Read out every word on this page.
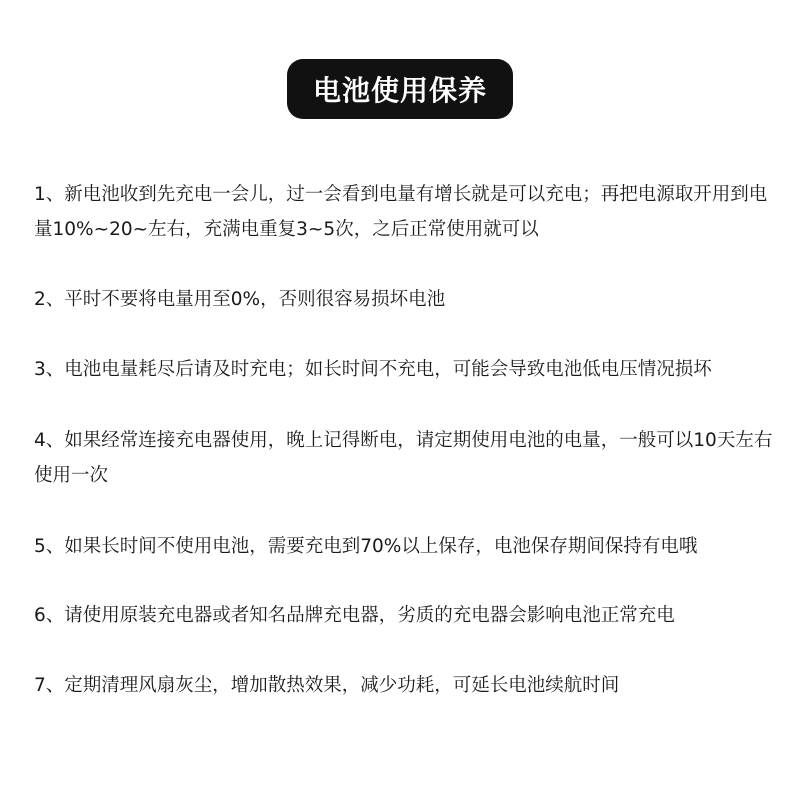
电池使用保养
1、新电池收到先充电一会儿，过一会看到电量有增长就是可以充电；再把电源取开用到电量10%~20~左右，充满电重复3~5次，之后正常使用就可以
2、平时不要将电量用至0%，否则很容易损坏电池
3、电池电量耗尽后请及时充电；如长时间不充电，可能会导致电池低电压情况损坏
4、如果经常连接充电器使用，晚上记得断电，请定期使用电池的电量，一般可以10天左右使用一次
5、如果长时间不使用电池，需要充电到70%以上保存，电池保存期间保持有电哦
6、请使用原装充电器或者知名品牌充电器，劣质的充电器会影响电池正常充电
7、定期清理风扇灰尘，增加散热效果，减少功耗，可延长电池续航时间
